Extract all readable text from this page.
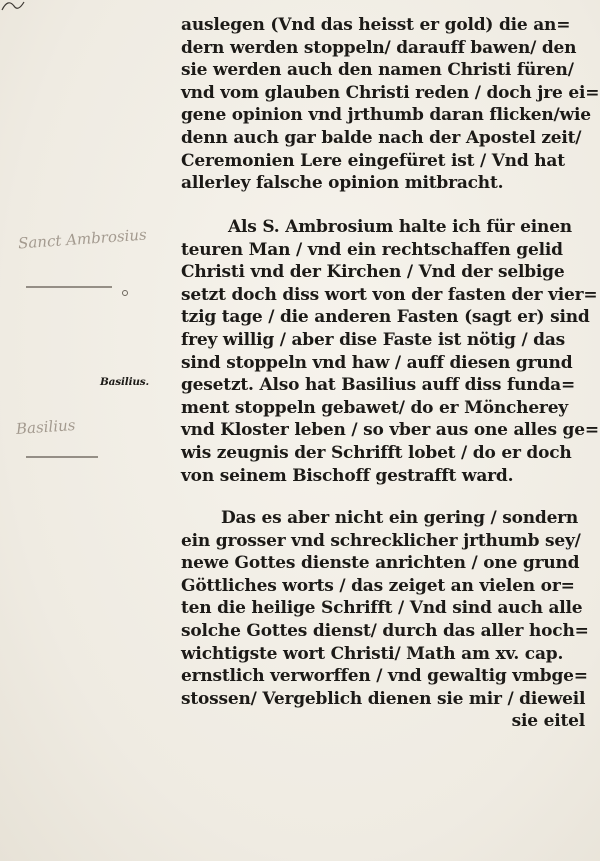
auslegen (Vnd das heisst er gold) die an=
dern werden stoppeln/ darauff bawen/ den
sie werden auch den namen Christi füren/
vnd vom glauben Christi reden / doch jre ei=
gene opinion vnd jrthumb daran flicken/wie
denn auch gar balde nach der Apostel zeit/
Ceremonien Lere eingefüret ist / Vnd hat
allerley falsche opinion mitbracht.
Als S. Ambrosium halte ich für einen
teuren Man / vnd ein rechtschaffen gelid
Christi vnd der Kirchen / Vnd der selbige
setzt doch diss wort von der fasten der vier=
tzig tage / die anderen Fasten (sagt er) sind
frey willig / aber dise Faste ist nötig / das
sind stoppeln vnd haw / auff diesen grund
gesetzt. Also hat Basilius auff diss funda=
ment stoppeln gebawet/ do er Möncherey
vnd Kloster leben / so vber aus one alles ge=
wis zeugnis der Schrifft lobet / do er doch
von seinem Bischoff gestrafft ward.
Das es aber nicht ein gering / sondern
ein grosser vnd schrecklicher jrthumb sey/
newe Gottes dienste anrichten / one grund
Göttliches worts / das zeiget an vielen or=
ten die heilige Schrifft / Vnd sind auch alle
solche Gottes dienst/ durch das aller hoch=
wichtigste wort Christi/ Math am xv. cap.
ernstlich verworffen / vnd gewaltig vmbge=
stossen/ Vergeblich dienen sie mir / dieweil
sie eitel
Basilius.
Sanct Ambrosius
Basilius
